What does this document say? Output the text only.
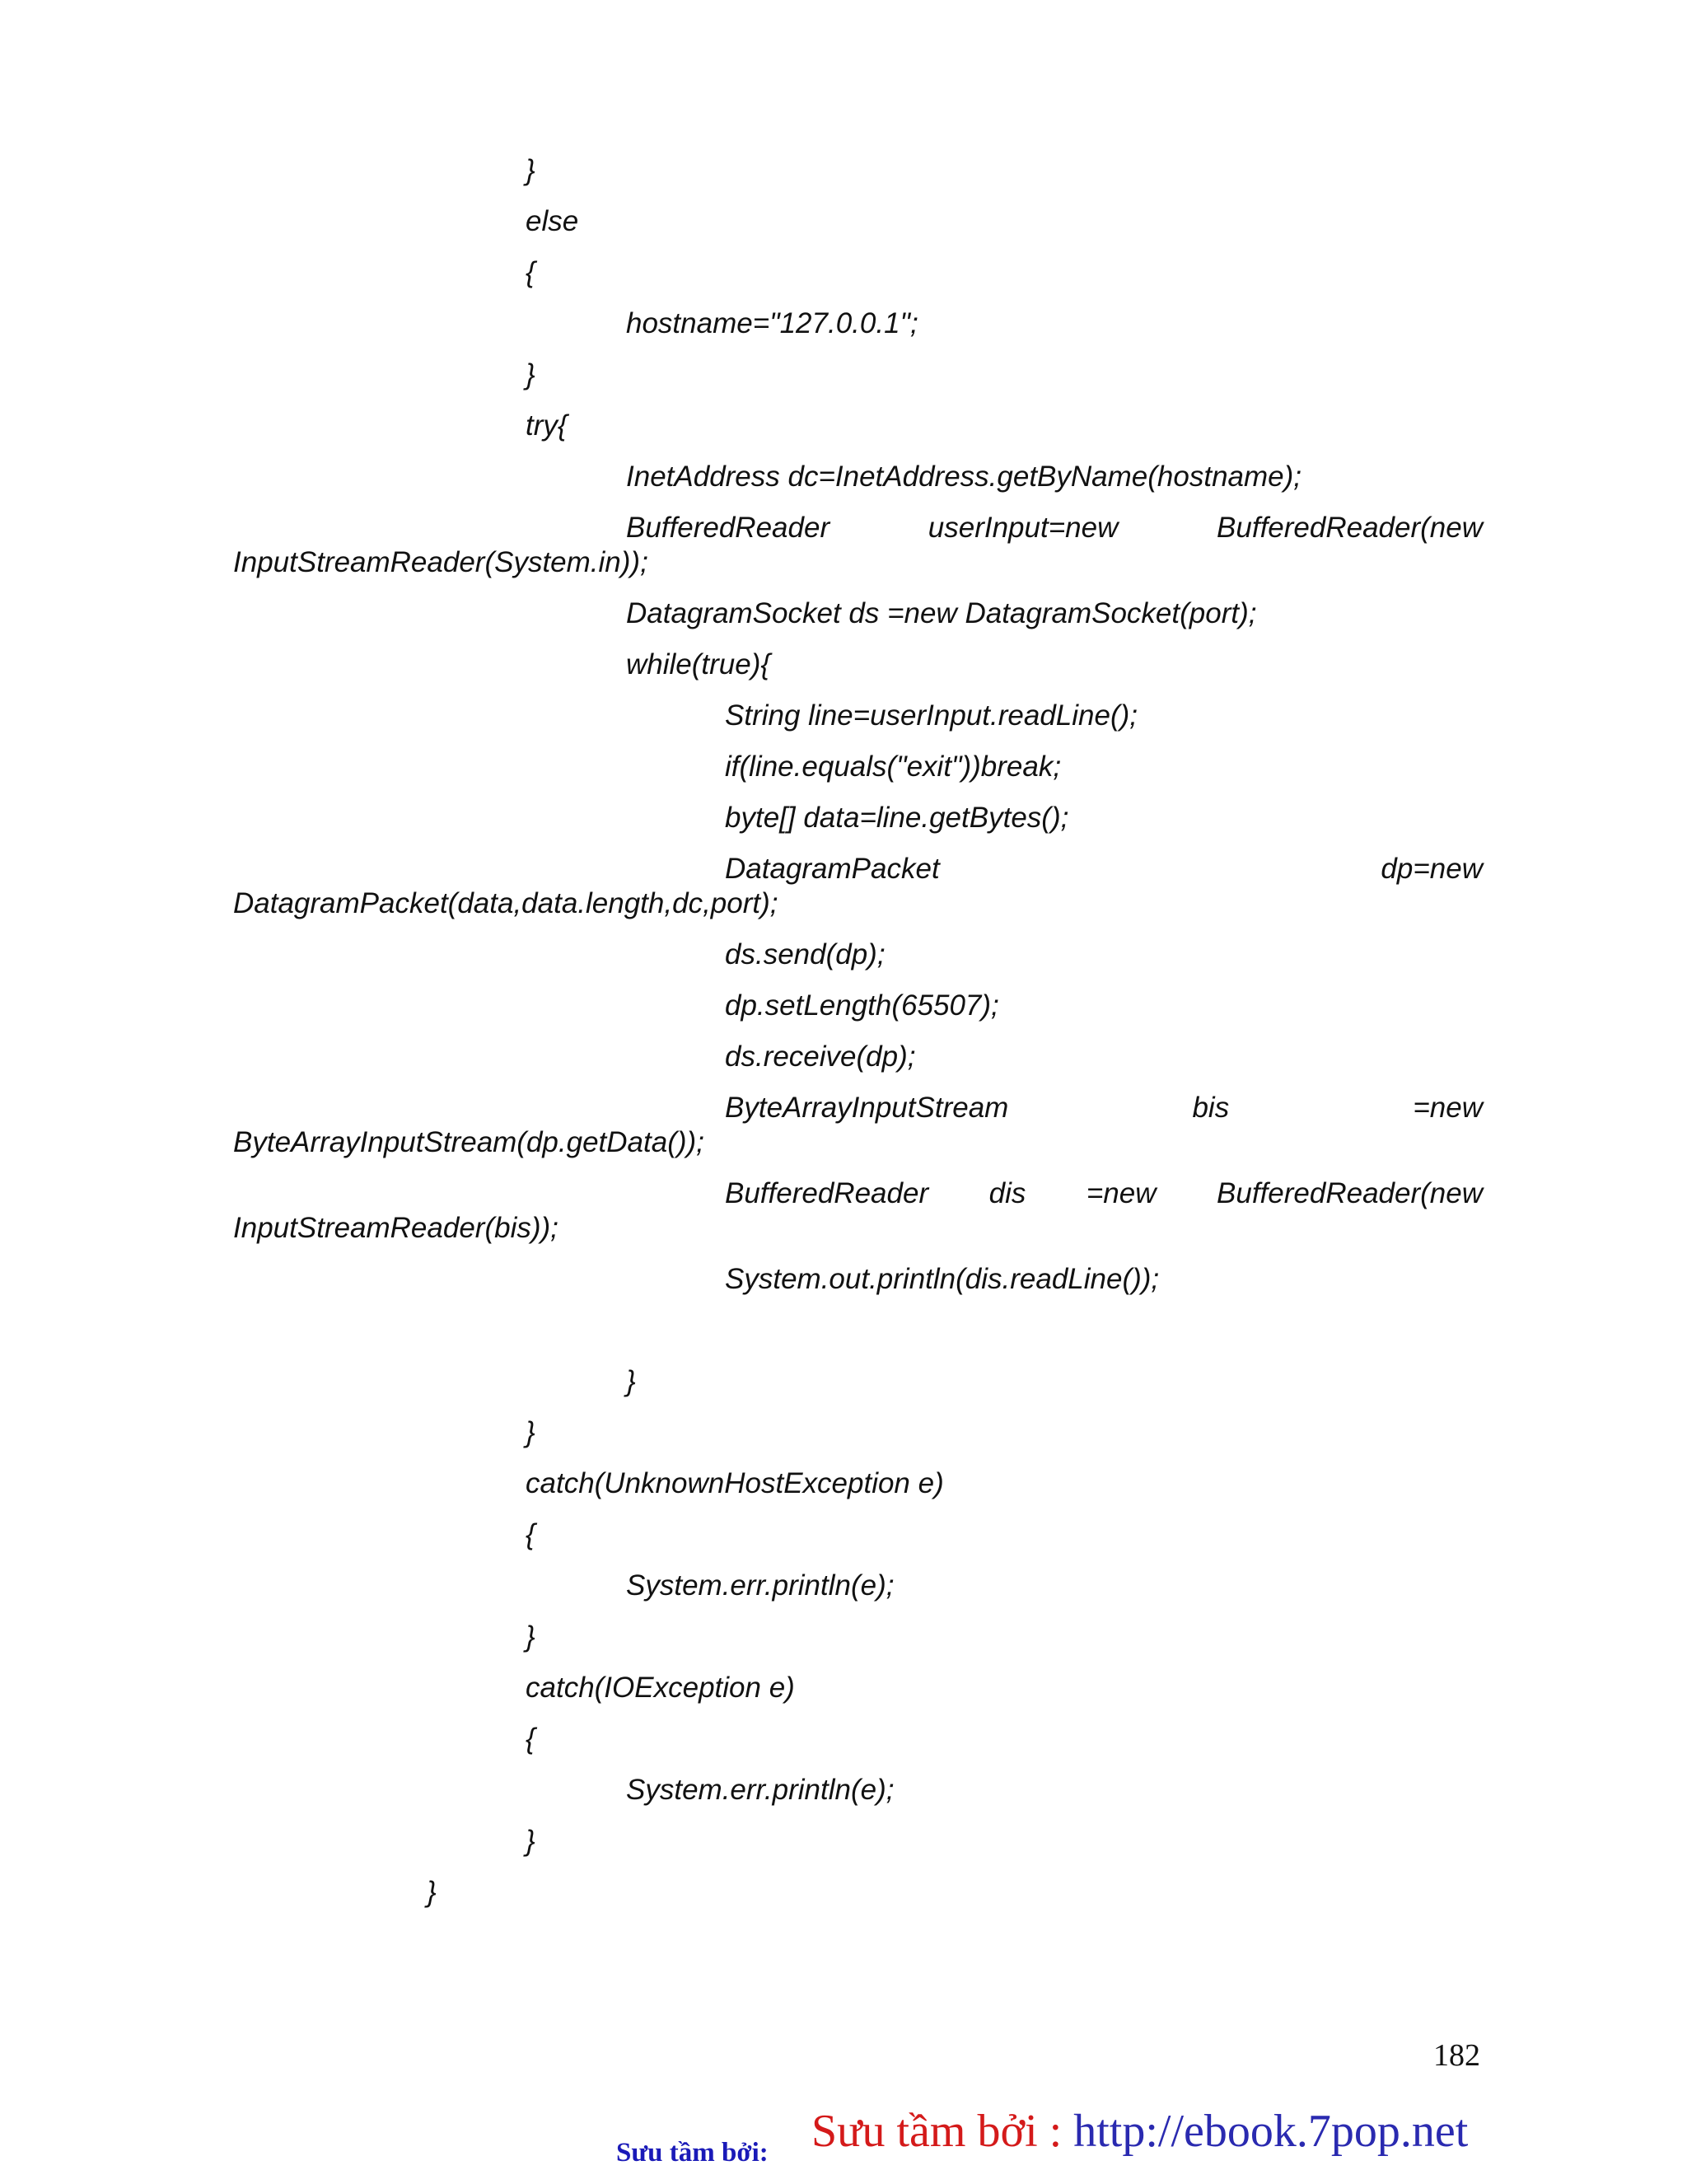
}

else

{

hostname="127.0.0.1";

}

try{

InetAddress dc=InetAddress.getByName(hostname);

BufferedReader	userInput=new	BufferedReader(new

InputStreamReader(System.in));

DatagramSocket ds =new DatagramSocket(port);

while(true){

String line=userInput.readLine();

if(line.equals("exit"))break;

byte[] data=line.getBytes();

DatagramPacket	dp=new

DatagramPacket(data,data.length,dc,port);

ds.send(dp);

dp.setLength(65507);

ds.receive(dp);

ByteArrayInputStream	bis	=new

ByteArrayInputStream(dp.getData());

BufferedReader dis =new BufferedReader(new

InputStreamReader(bis));

System.out.println(dis.readLine());

}

}

catch(UnknownHostException e)

{

System.err.println(e);

}

catch(IOException e)

{

System.err.println(e);

}

}

182
Sưu tầm bởi: Sưu tầm bởi : http://ebook.7pop.net
